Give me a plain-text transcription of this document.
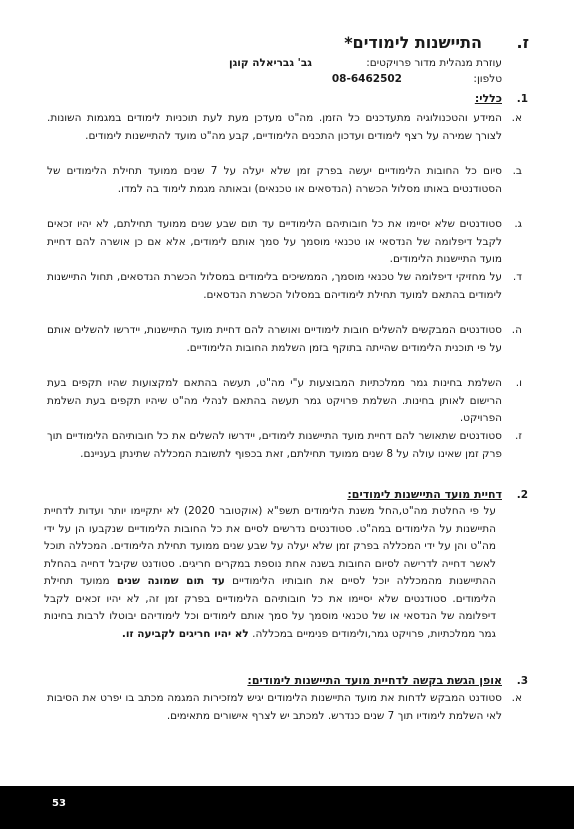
ז.
התיישנות לימודים*
עוזרת מנהלית מדור פרויקטים:
גב' גבריאלה קוגן
טלפון:
08-6462502
1.
כללי:
א.
המידע והטכנולוגיה מתעדכנים כל הזמן. מה"ט מעדכן מעת לעת תוכניות לימודים במגמות השונות. לצורך שמירה על רצף לימודים ועדכון התכנים הלימודיים, קבע מה"ט מועד להתיישנות לימודים.
ב.
סיום כל החובות הלימודיים יעשה בפרק זמן שלא יעלה על 7 שנים ממועד תחילת הלימודים של הסטודנטים באותו מסלול הכשרה (הנדסאים או טכנאים) ובאותה מגמת לימוד בה למדו.
ג.
סטודנטים שלא יסיימו את כל חובותיהם הלימודיים עד תום שבע שנים ממועד תחילתם, לא יהיו זכאים לקבל דיפלומה של הנדסאי או טכנאי מוסמך על סמך אותם לימודים, אלא אם כן אושרה להם דחיית מועד התיישנות הלימודים.
ד.
על מחזיקי דיפלומה של טכנאי מוסמך, הממשיכים בלימודים במסלול הכשרת הנדסאים, תחול התיישנות לימודים בהתאם למועד תחילת לימודיהם במסלול הכשרת הנדסאים.
ה.
סטודנטים המבקשים להשלים חובות לימודיים ואושרה להם דחיית מועד התיישנות, יידרשו להשלים אותם על פי תוכנית הלימודים שהייתה בתוקף בזמן השלמת החובות הלימודיים.
ו.
השלמת בחינות גמר ממלכתיות המבוצעות ע"י מה"ט, תעשה בהתאם למקצועות שהיו תקפים בעת הרישום לאותן בחינות. השלמת פרויקט גמר תעשה בהתאם לנהלי מה"ט שיהיו תקפים בעת השלמת הפרויקט.
ז.
סטודנטים שתאושר להם דחיית מועד התיישנות לימודים, יידרשו להשלים את כל חובותיהם הלימודיים תוך פרק זמן שאינו עולה על 8 שנים ממועד תחילתם, זאת בכפוף לתשובת המכללה שתינתן בעניינם.
2.
דחיית מועד התיישנות לימודים:
על פי החלטת מה"ט,החל משנת הלימודים תשפ"א (אוקטובר 2020) לא יתקיימו יותר ועדות לדחיית התיישנות על הלימודים במה"ט. סטודנטים נדרשים לסיים את כל החובות הלימודיים שנקבעו הן על ידי מה"ט והן על ידי המכללה בפרק זמן שלא יעלה על שבע שנים ממועד תחילת הלימודים. המכללה תוכל לאשר דחייה לדרישה לסיום החובות בשנה אחת נוספת במקרים חריגים. סטודנט שקיבל דחייה בהחלת ההתיישנות מהמכללה יוכל לסיים את חובותיו הלימודיים עד תום שמונה שנים ממועד תחילת הלימודים. סטודנטים שלא יסיימו את כל חובותיהם הלימודיים בפרק זמן זה, לא יהיו זכאים לקבל דיפלומה של הנדסאי או של טכנאי מוסמך על סמך אותם לימודים וכל לימודיהם יבוטלו לרבות בחינות גמר ממלכתיות, פרויקט גמר,ולימודים פנימיים במכללה. לא יהיו חריגים לקביעה זו.
3.
אופן הגשת בקשה לדחיית מועד התיישנות לימודים:
א.
סטודנט המבקש לדחות את מועד התיישנות הלימודים יגיש למזכירות המגמה מכתב בו יפרט את הסיבות לאי השלמת לימודיו תוך 7 שנים כנדרש. למכתב יש לצרף אישורים מתאימים.
53
